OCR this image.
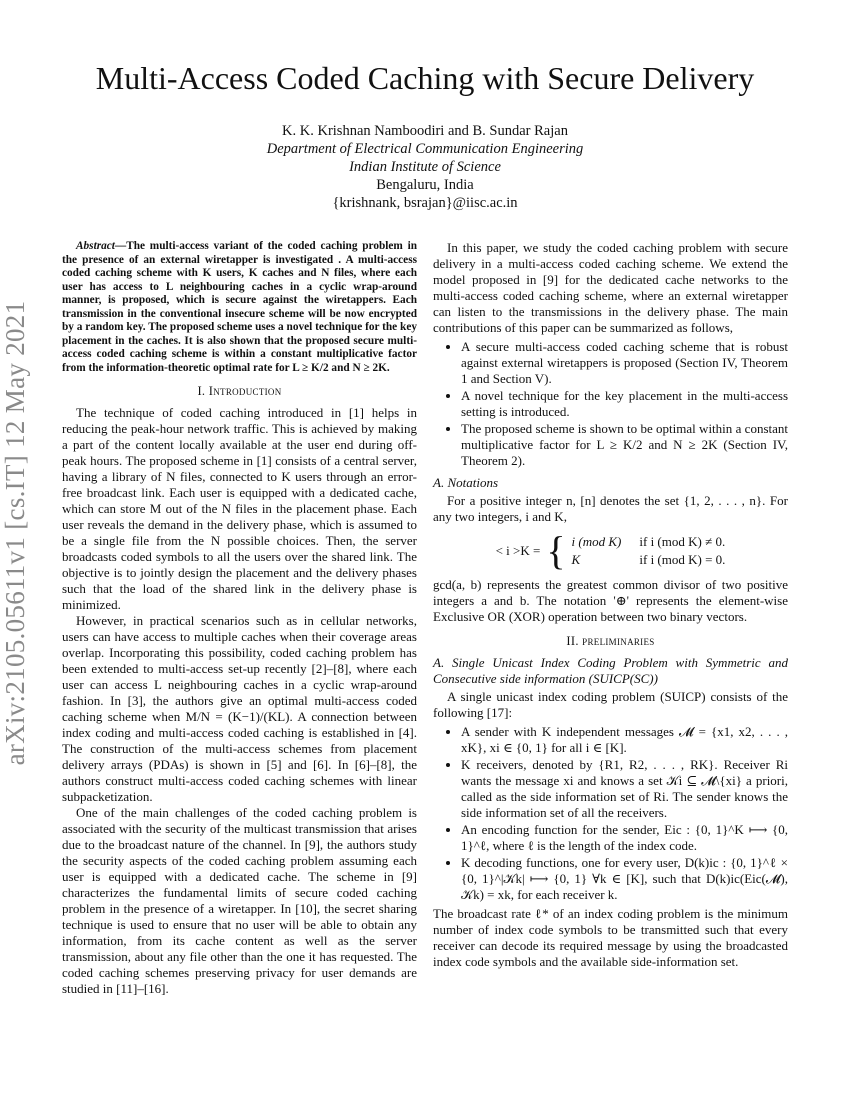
arXiv:2105.05611v1 [cs.IT] 12 May 2021
Multi-Access Coded Caching with Secure Delivery
K. K. Krishnan Namboodiri and B. Sundar Rajan
Department of Electrical Communication Engineering
Indian Institute of Science
Bengaluru, India
{krishnank, bsrajan}@iisc.ac.in

Abstract—The multi-access variant of the coded caching problem in the presence of an external wiretapper is investigated . A multi-access coded caching scheme with K users, K caches and N files, where each user has access to L neighbouring caches in a cyclic wrap-around manner, is proposed, which is secure against the wiretappers. Each transmission in the conventional insecure scheme will be now encrypted by a random key. The proposed scheme uses a novel technique for the key placement in the caches. It is also shown that the proposed secure multi-access coded caching scheme is within a constant multiplicative factor from the information-theoretic optimal rate for L ≥ K/2 and N ≥ 2K.

I. Introduction

The technique of coded caching introduced in [1] helps in reducing the peak-hour network traffic. This is achieved by making a part of the content locally available at the user end during off-peak hours. The proposed scheme in [1] consists of a central server, having a library of N files, connected to K users through an error-free broadcast link. Each user is equipped with a dedicated cache, which can store M out of the N files in the placement phase. Each user reveals the demand in the delivery phase, which is assumed to be a single file from the N possible choices. Then, the server broadcasts coded symbols to all the users over the shared link. The objective is to jointly design the placement and the delivery phases such that the load of the shared link in the delivery phase is minimized.

However, in practical scenarios such as in cellular networks, users can have access to multiple caches when their coverage areas overlap. Incorporating this possibility, coded caching problem has been extended to multi-access set-up recently [2]–[8], where each user can access L neighbouring caches in a cyclic wrap-around fashion. In [3], the authors give an optimal multi-access coded caching scheme when M/N = (K−1)/(KL). A connection between index coding and multi-access coded caching is established in [4]. The construction of the multi-access schemes from placement delivery arrays (PDAs) is shown in [5] and [6]. In [6]–[8], the authors construct multi-access coded caching schemes with linear subpacketization.

One of the main challenges of the coded caching problem is associated with the security of the multicast transmission that arises due to the broadcast nature of the channel. In [9], the authors study the security aspects of the coded caching problem assuming each user is equipped with a dedicated cache. The scheme in [9] characterizes the fundamental limits of secure coded caching problem in the presence of a wiretapper. In [10], the secret sharing technique is used to ensure that no user will be able to obtain any information, from its cache content as well as the server transmission, about any file other than the one it has requested. The coded caching schemes preserving privacy for user demands are studied in [11]–[16].

In this paper, we study the coded caching problem with secure delivery in a multi-access coded caching scheme. We extend the model proposed in [9] for the dedicated cache networks to the multi-access coded caching scheme, where an external wiretapper can listen to the transmissions in the delivery phase. The main contributions of this paper can be summarized as follows,

• A secure multi-access coded caching scheme that is robust against external wiretappers is proposed (Section IV, Theorem 1 and Section V).
• A novel technique for the key placement in the multi-access setting is introduced.
• The proposed scheme is shown to be optimal within a constant multiplicative factor for L ≥ K/2 and N ≥ 2K (Section IV, Theorem 2).
A. Notations

For a positive integer n, [n] denotes the set {1, 2, . . . , n}. For any two integers, i and K,

< i >K = { i (mod K) if i (mod K) ≠ 0.
K	if i (mod K) = 0.

gcd(a, b) represents the greatest common divisor of two positive integers a and b. The notation '⊕' represents the element-wise Exclusive OR (XOR) operation between two binary vectors.

II. preliminaries
A. Single Unicast Index Coding Problem with Symmetric and Consecutive side information (SUICP(SC))

A single unicast index coding problem (SUICP) consists of the following [17]:

• A sender with K independent messages 𝓜 = {x1, x2, . . . , xK}, xi ∈ {0, 1} for all i ∈ [K].
• K receivers, denoted by {R1, R2, . . . , RK}. Receiver Ri wants the message xi and knows a set 𝒦i ⊆ 𝓜\{xi} a priori, called as the side information set of Ri. The sender knows the side information set of all the receivers.
• An encoding function for the sender, Eic : {0, 1}^K ⟼ {0, 1}^ℓ, where ℓ is the length of the index code.
• K decoding functions, one for every user, D(k)ic : {0, 1}^ℓ × {0, 1}^|𝒦k| ⟼ {0, 1} ∀k ∈ [K], such that D(k)ic(Eic(𝓜), 𝒦k) = xk, for each receiver k.

The broadcast rate ℓ* of an index coding problem is the minimum number of index code symbols to be transmitted such that every receiver can decode its required message by using the broadcasted index code symbols and the available side-information set.
